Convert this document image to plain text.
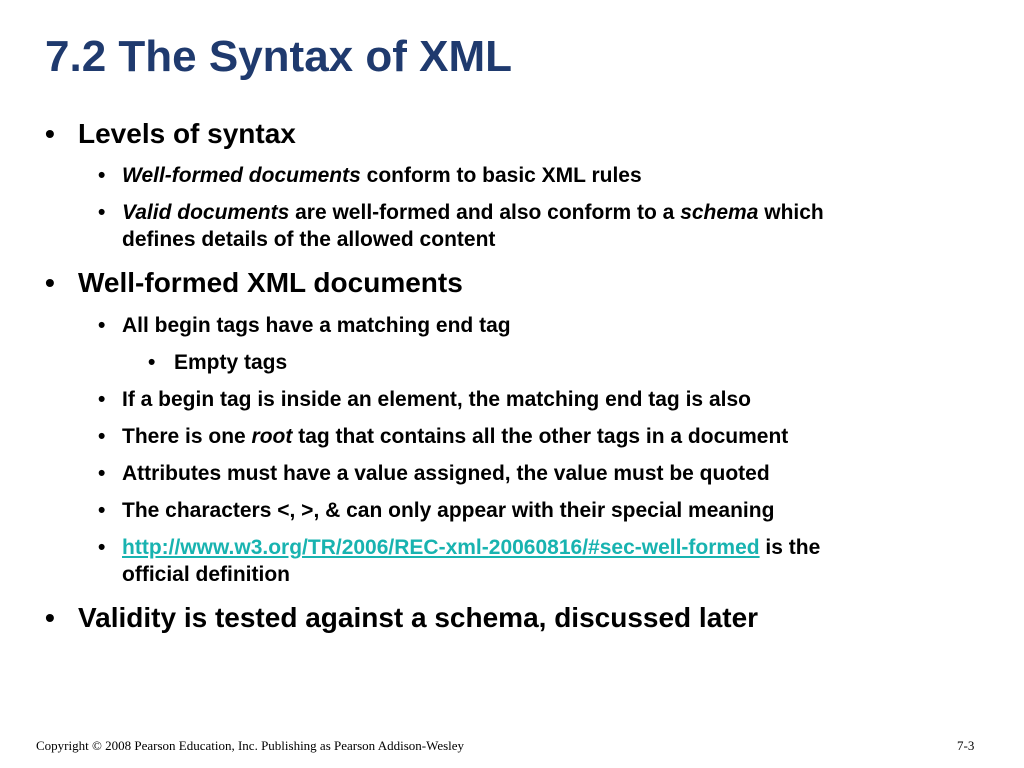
7.2 The Syntax of XML
• Levels of syntax
• Well-formed documents conform to basic XML rules
• Valid documents are well-formed and also conform to a schema which
defines details of the allowed content
• Well-formed XML documents
• All begin tags have a matching end tag
• Empty tags
• If a begin tag is inside an element, the matching end tag is also
• There is one root tag that contains all the other tags in a document
• Attributes must have a value assigned, the value must be quoted
• The characters <, >, & can only appear with their special meaning
• http://www.w3.org/TR/2006/REC-xml-20060816/#sec-well-formed is the
official definition
• Validity is tested against a schema, discussed later
Copyright © 2008 Pearson Education, Inc. Publishing as Pearson Addison-Wesley	7-3
